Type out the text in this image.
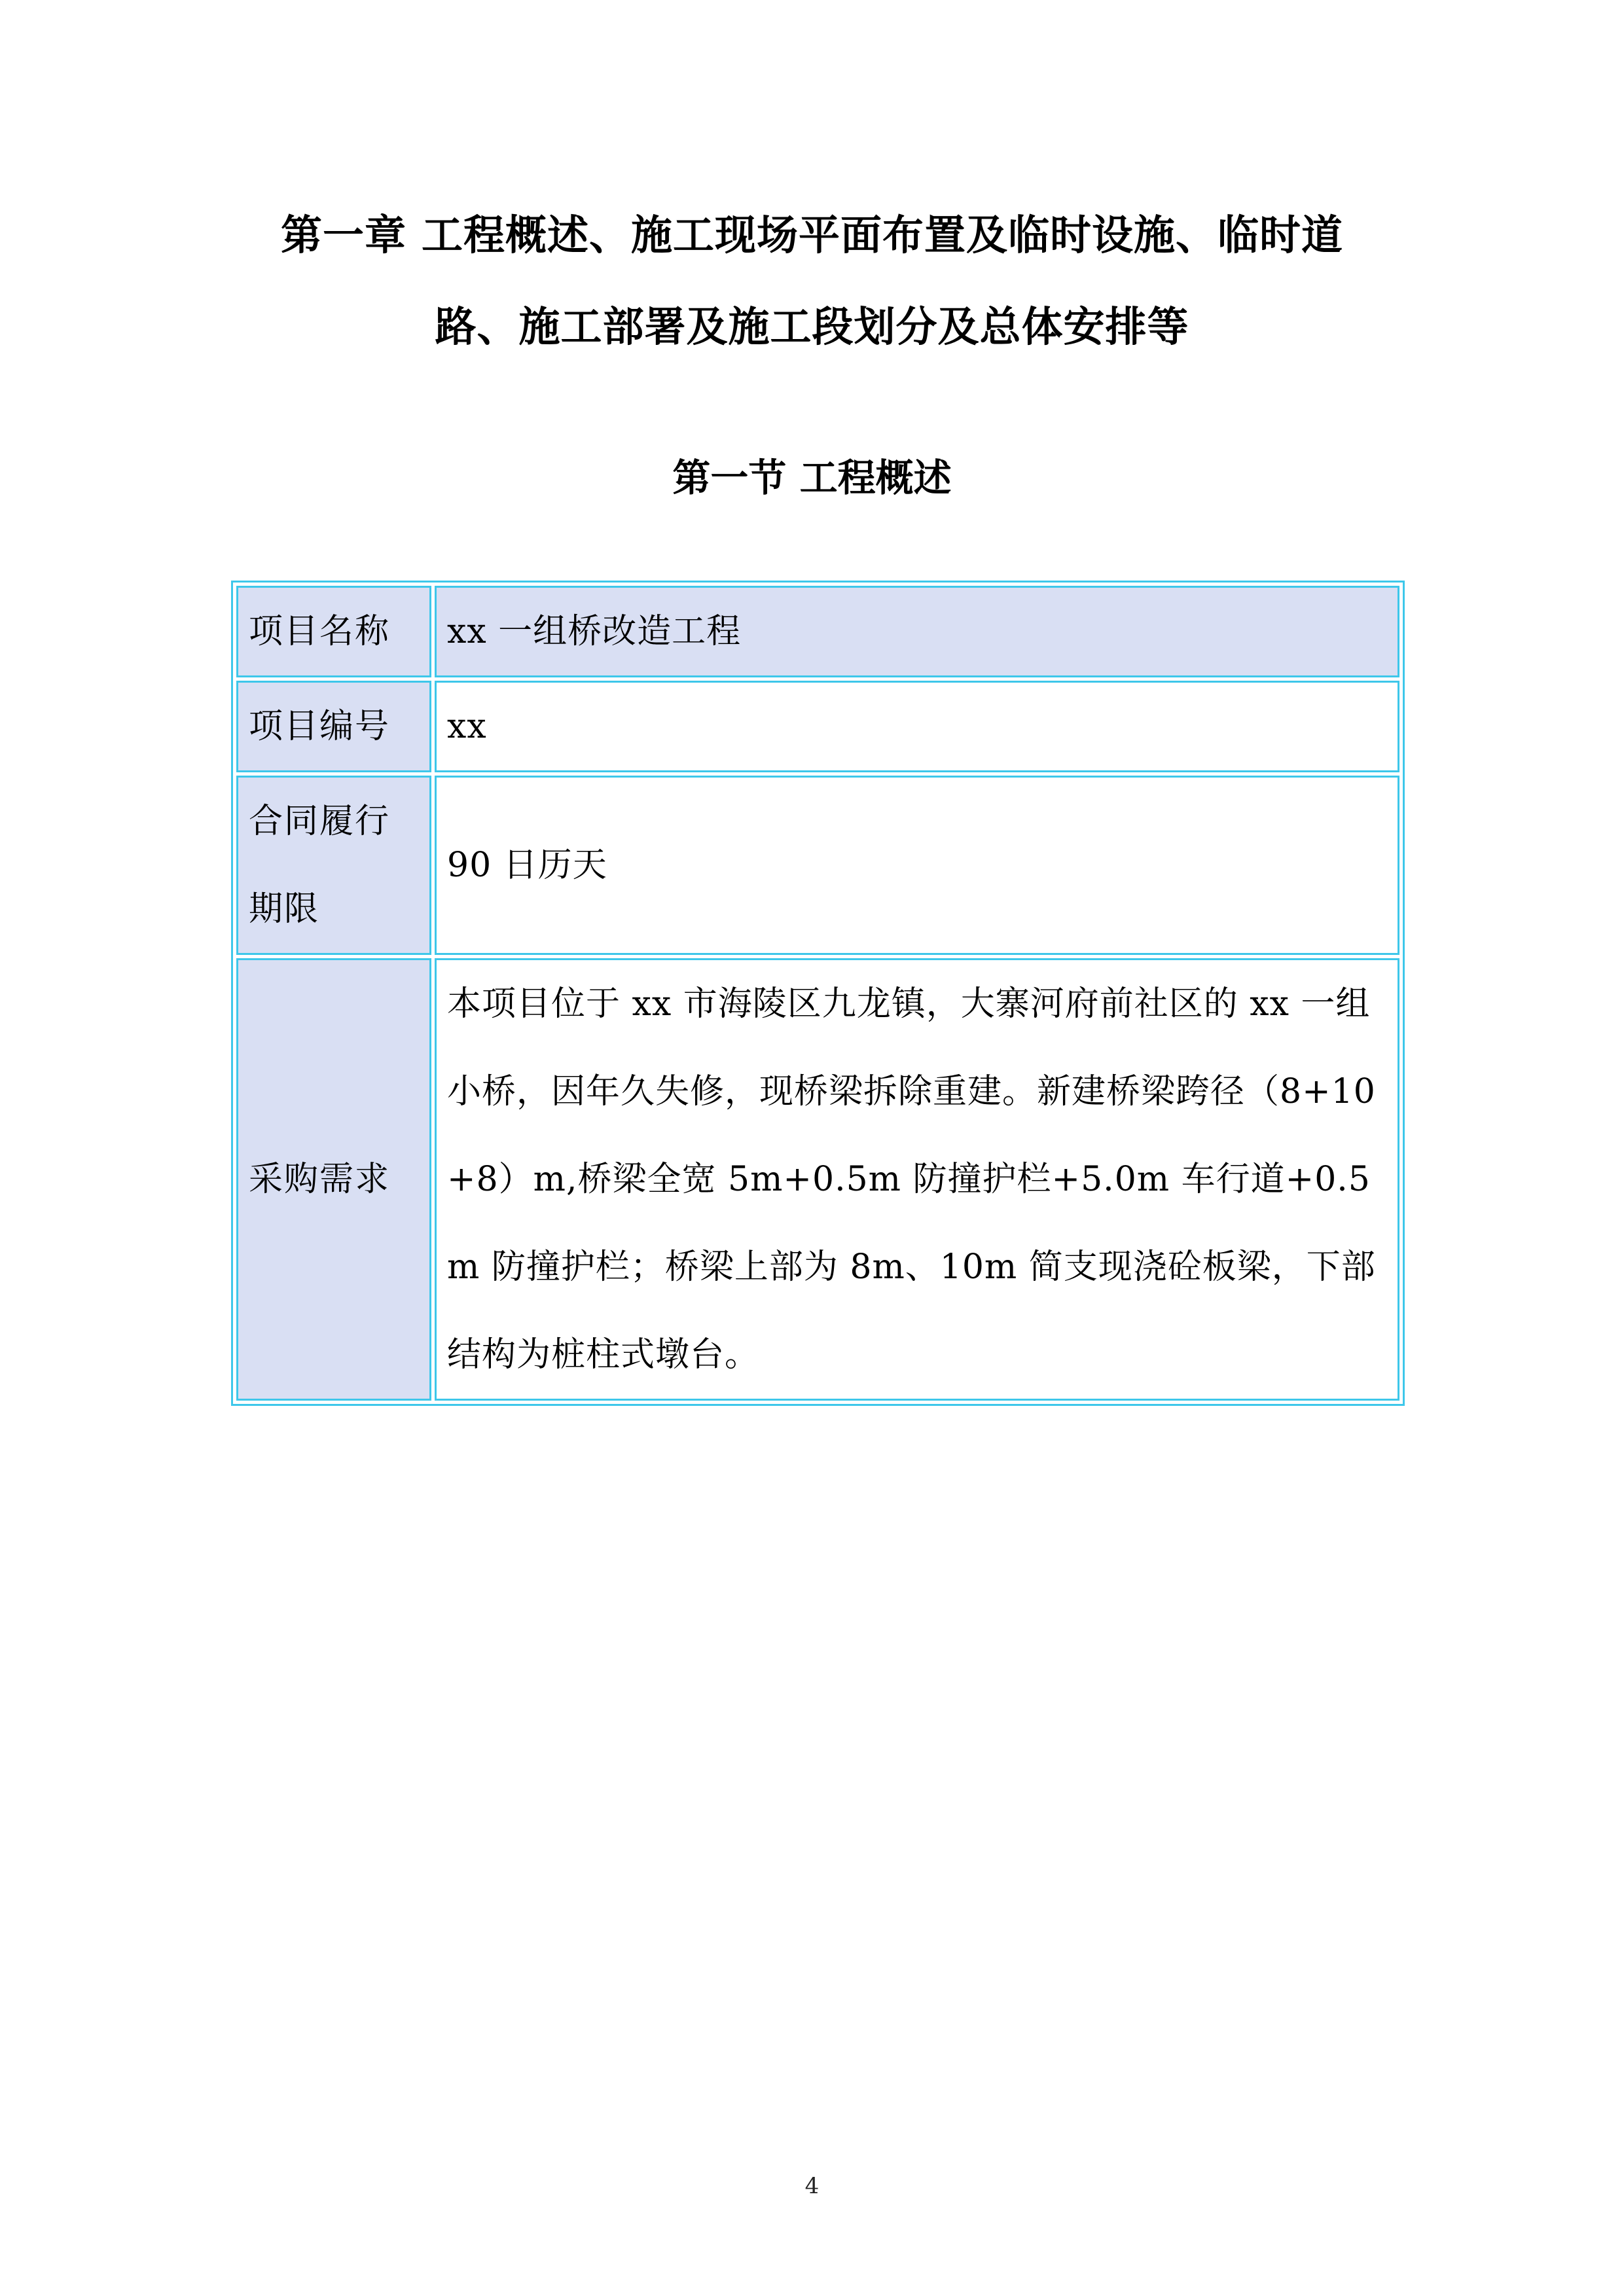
第一章 工程概述、施工现场平面布置及临时设施、临时道
路、施工部署及施工段划分及总体安排等
第一节 工程概述
项目名称	xx 一组桥改造工程
项目编号	xx
合同履行期限	90 日历天
采购需求	本项目位于 xx 市海陵区九龙镇，大寨河府前社区的 xx 一组小桥，因年久失修，现桥梁拆除重建。新建桥梁跨径（8+10+8）m,桥梁全宽 5m+0.5m 防撞护栏+5.0m 车行道+0.5m 防撞护栏；桥梁上部为 8m、10m 简支现浇砼板梁，下部结构为桩柱式墩台。
4
